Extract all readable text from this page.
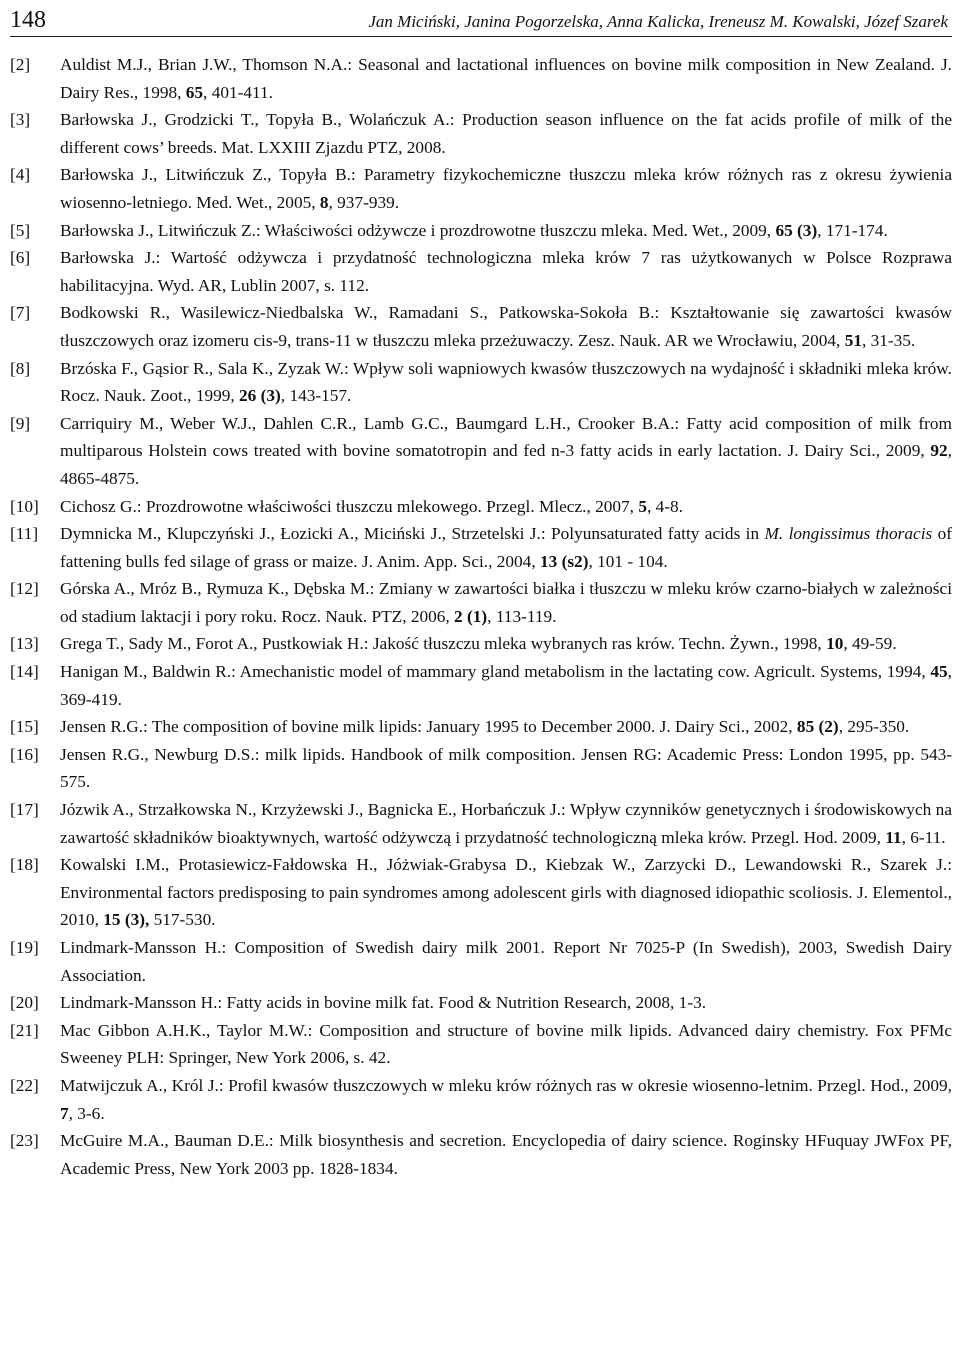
148	Jan Miciński, Janina Pogorzelska, Anna Kalicka, Ireneusz M. Kowalski, Józef Szarek
[2]	Auldist M.J., Brian J.W., Thomson N.A.: Seasonal and lactational influences on bovine milk composition in New Zealand. J. Dairy Res., 1998, 65, 401-411.
[3]	Barłowska J., Grodzicki T., Topyła B., Wolańczuk A.: Production season influence on the fat acids profile of milk of the different cows’ breeds. Mat. LXXIII Zjazdu PTZ, 2008.
[4]	Barłowska J., Litwińczuk Z., Topyła B.: Parametry fizykochemiczne tłuszczu mleka krów różnych ras z okresu żywienia wiosenno-letniego. Med. Wet., 2005, 8, 937-939.
[5]	Barłowska J., Litwińczuk Z.: Właściwości odżywcze i prozdrowotne tłuszczu mleka. Med. Wet., 2009, 65 (3), 171-174.
[6]	Barłowska J.: Wartość odżywcza i przydatność technologiczna mleka krów 7 ras użytkowanych w Polsce Rozprawa habilitacyjna. Wyd. AR, Lublin 2007, s. 112.
[7]	Bodkowski R., Wasilewicz-Niedbalska W., Ramadani S., Patkowska-Sokoła B.: Kształtowanie się zawartości kwasów tłuszczowych oraz izomeru cis-9, trans-11 w tłuszczu mleka przeżuwaczy. Zesz. Nauk. AR we Wrocławiu, 2004, 51, 31-35.
[8]	Brzóska F., Gąsior R., Sala K., Zyzak W.: Wpływ soli wapniowych kwasów tłuszczowych na wydajność i składniki mleka krów. Rocz. Nauk. Zoot., 1999, 26 (3), 143-157.
[9]	Carriquiry M., Weber W.J., Dahlen C.R., Lamb G.C., Baumgard L.H., Crooker B.A.: Fatty acid composition of milk from multiparous Holstein cows treated with bovine somatotropin and fed n-3 fatty acids in early lactation. J. Dairy Sci., 2009, 92, 4865-4875.
[10]	Cichosz G.: Prozdrowotne właściwości tłuszczu mlekowego. Przegl. Mlecz., 2007, 5, 4-8.
[11]	Dymnicka M., Klupczyński J., Łozicki A., Miciński J., Strzetelski J.: Polyunsaturated fatty acids in M. longissimus thoracis of fattening bulls fed silage of grass or maize. J. Anim. App. Sci., 2004, 13 (s2), 101 - 104.
[12]	Górska A., Mróz B., Rymuza K., Dębska M.: Zmiany w zawartości białka i tłuszczu w mleku krów czarno-białych w zależności od stadium laktacji i pory roku. Rocz. Nauk. PTZ, 2006, 2 (1), 113-119.
[13]	Grega T., Sady M., Forot A., Pustkowiak H.: Jakość tłuszczu mleka wybranych ras krów. Techn. Żywn., 1998, 10, 49-59.
[14]	Hanigan M., Baldwin R.: Amechanistic model of mammary gland metabolism in the lactating cow. Agricult. Systems, 1994, 45, 369-419.
[15]	Jensen R.G.: The composition of bovine milk lipids: January 1995 to December 2000. J. Dairy Sci., 2002, 85 (2), 295-350.
[16]	Jensen R.G., Newburg D.S.: milk lipids. Handbook of milk composition. Jensen RG: Academic Press: London 1995, pp. 543-575.
[17]	Józwik A., Strzałkowska N., Krzyżewski J., Bagnicka E., Horbańczuk J.: Wpływ czynników genetycznych i środowiskowych na zawartość składników bioaktywnych, wartość odżywczą i przydatność technologiczną mleka krów. Przegl. Hod. 2009, 11, 6-11.
[18]	Kowalski I.M., Protasiewicz-Fałdowska H., Jóżwiak-Grabysa D., Kiebzak W., Zarzycki D., Lewandowski R., Szarek J.: Environmental factors predisposing to pain syndromes among adolescent girls with diagnosed idiopathic scoliosis. J. Elementol., 2010, 15 (3), 517-530.
[19]	Lindmark-Mansson H.: Composition of Swedish dairy milk 2001. Report Nr 7025-P (In Swedish), 2003, Swedish Dairy Association.
[20]	Lindmark-Mansson H.: Fatty acids in bovine milk fat. Food & Nutrition Research, 2008, 1-3.
[21]	Mac Gibbon A.H.K., Taylor M.W.: Composition and structure of bovine milk lipids. Advanced dairy chemistry. Fox PFMc Sweeney PLH: Springer, New York 2006, s. 42.
[22]	Matwijczuk A., Król J.: Profil kwasów tłuszczowych w mleku krów różnych ras w okresie wiosenno-letnim. Przegl. Hod., 2009, 7, 3-6.
[23]	McGuire M.A., Bauman D.E.: Milk biosynthesis and secretion. Encyclopedia of dairy science. Roginsky HFuquay JWFox PF, Academic Press, New York 2003 pp. 1828-1834.
